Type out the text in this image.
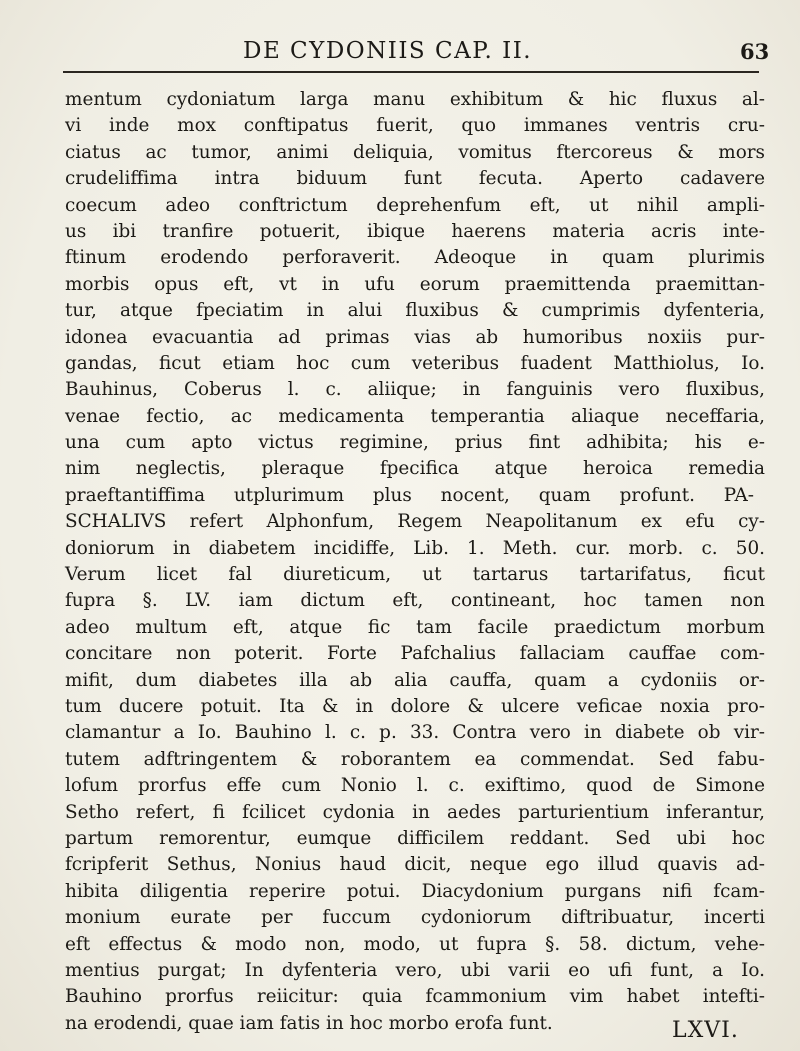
DE CYDONIIS CAP. II.	63
mentum cydoniatum larga manu exhibitum & hic fluxus al-
vi inde mox conftipatus fuerit, quo immanes ventris cru-
ciatus ac tumor, animi deliquia, vomitus ftercoreus & mors
crudeliffima intra biduum funt fecuta. Aperto cadavere
coecum adeo conftrictum deprehenfum eft, ut nihil ampli-
us ibi tranfire potuerit, ibique haerens materia acris inte-
ftinum erodendo perforaverit. Adeoque in quam plurimis
morbis opus eft, vt in ufu eorum praemittenda praemittan-
tur, atque fpeciatim in alui fluxibus & cumprimis dyfenteria,
idonea evacuantia ad primas vias ab humoribus noxiis pur-
gandas, ficut etiam hoc cum veteribus fuadent Matthiolus, Io.
Bauhinus, Coberus l. c. aliique; in fanguinis vero fluxibus,
venae fectio, ac medicamenta temperantia aliaque neceffaria,
una cum apto victus regimine, prius fint adhibita; his e-
nim neglectis, pleraque fpecifica atque heroica remedia
praeftantiffima utplurimum plus nocent, quam profunt. PA-
SCHALIVS refert Alphonfum, Regem Neapolitanum ex efu cy-
doniorum in diabetem incidiffe, Lib. 1. Meth. cur. morb. c. 50.
Verum licet fal diureticum, ut tartarus tartarifatus, ficut
fupra §. LV. iam dictum eft, contineant, hoc tamen non
adeo multum eft, atque fic tam facile praedictum morbum
concitare non poterit. Forte Pafchalius fallaciam cauffae com-
mifit, dum diabetes illa ab alia cauffa, quam a cydoniis or-
tum ducere potuit. Ita & in dolore & ulcere veficae noxia pro-
clamantur a Io. Bauhino l. c. p. 33. Contra vero in diabete ob vir-
tutem adftringentem & roborantem ea commendat. Sed fabu-
lofum prorfus effe cum Nonio l. c. exiftimo, quod de Simone
Setho refert, fi fcilicet cydonia in aedes parturientium inferantur,
partum remorentur, eumque difficilem reddant. Sed ubi hoc
fcripferit Sethus, Nonius haud dicit, neque ego illud quavis ad-
hibita diligentia reperire potui. Diacydonium purgans nifi fcam-
monium eurate per fuccum cydoniorum diftribuatur, incerti
eft effectus & modo non, modo, ut fupra §. 58. dictum, vehe-
mentius purgat; In dyfenteria vero, ubi varii eo ufi funt, a Io.
Bauhino prorfus reiicitur: quia fcammonium vim habet intefti-
na erodendi, quae iam fatis in hoc morbo erofa funt.	LXVI.
